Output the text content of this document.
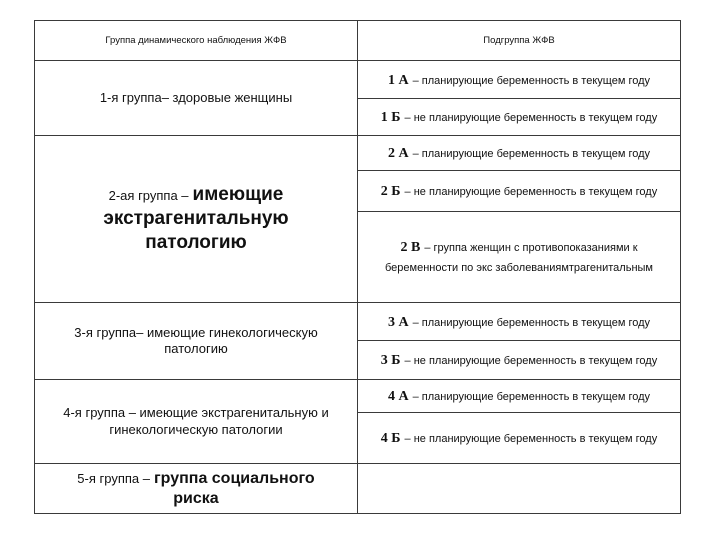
Группа динамического наблюдения ЖФВ	Подгруппа ЖФВ
1-я группа – здоровые женщины
1 А – планирующие беременность в текущем году
1 Б – не планирующие беременность в текущем году
2-ая группа – имеющие экстрагенитальную патологию
2 А – планирующие беременность в текущем году
2 Б – не планирующие беременность в текущем году
2 В – группа женщин с противопоказаниями к беременности по экс заболеваниямтрагенитальным
3-я группа– имеющие гинекологическую патологию
3 А – планирующие беременность в текущем году
3 Б – не планирующие беременность в текущем году
4-я группа – имеющие экстрагенитальную и гинекологическую патологии
4 А – планирующие беременность в текущем году
4 Б – не планирующие беременность в текущем году
5-я группа – группа социального риска
